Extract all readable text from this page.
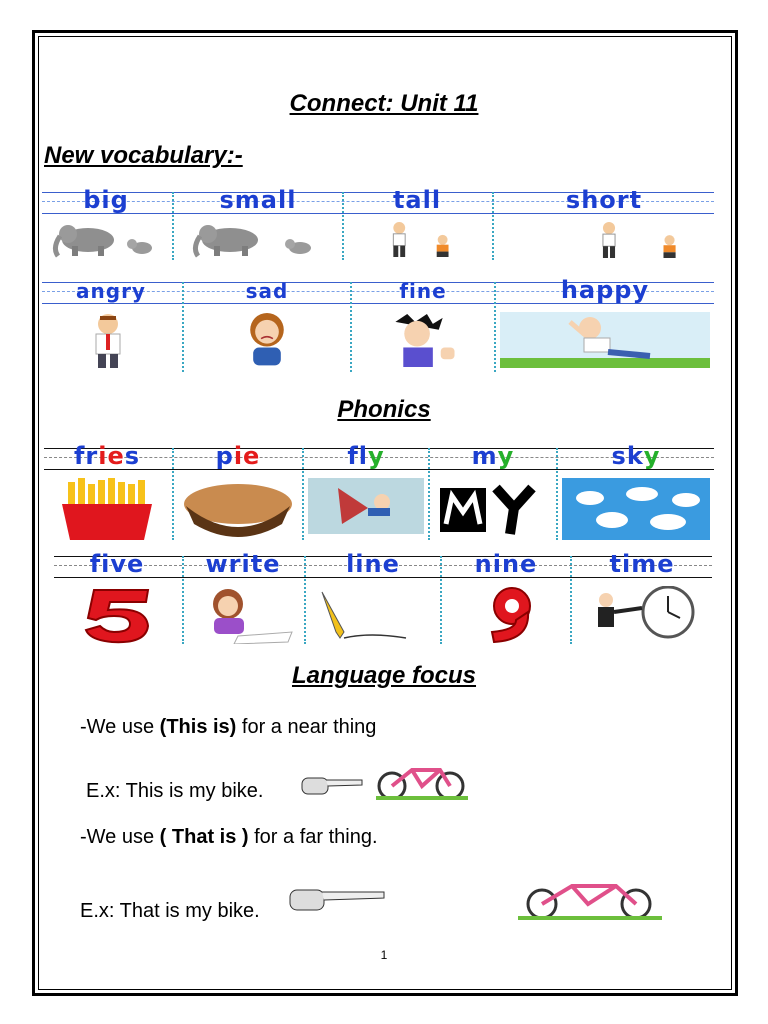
Connect: Unit 11
New vocabulary:-
big	small	tall	short
angry	sad	fine	happy
Phonics
fries	pie	fly	my	sky
five	write	line	nine	time
Language focus
-We use (This is) for a near thing
E.x: This is my bike.
-We use ( That is ) for a far thing.
E.x: That is my bike.
1
